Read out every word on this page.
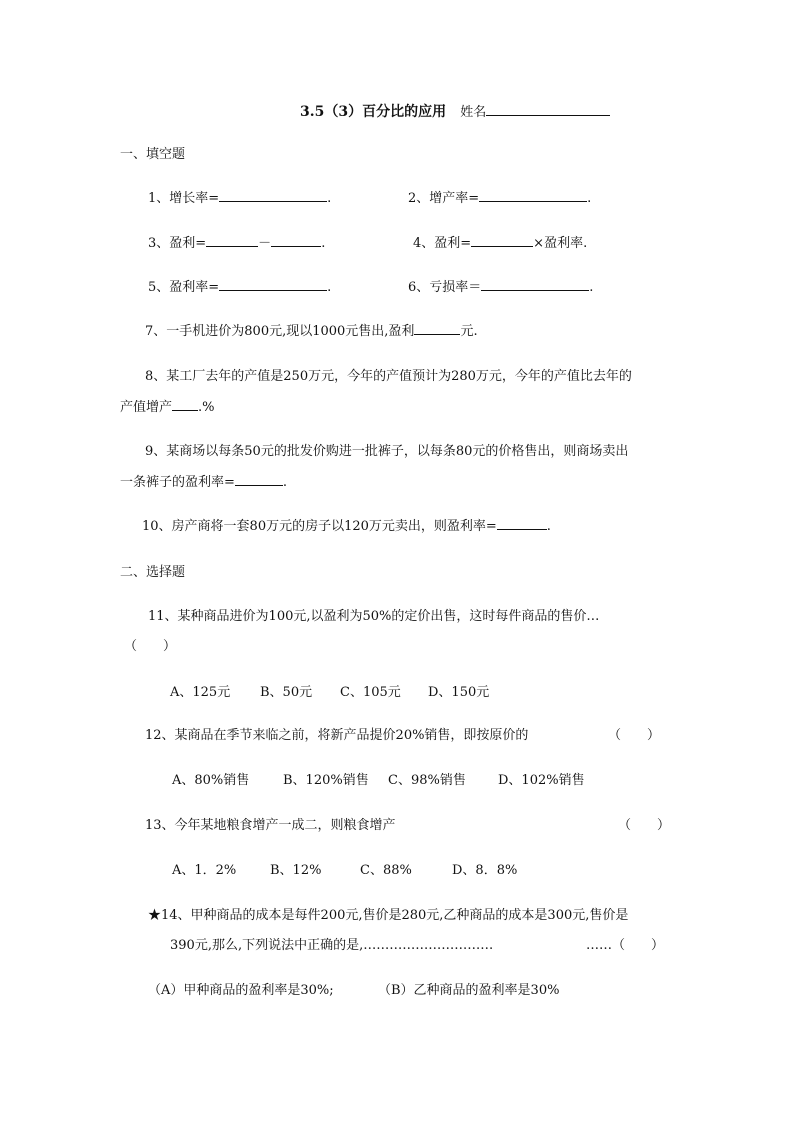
3.5（3）百分比的应用 姓名
一、填空题
1、增长率=	.	2、增产率=	.
3、盈利=	－	.	4、盈利=	×盈利率.
5、盈利率=	.	6、亏损率＝	.
7、一手机进价为800元,现以1000元售出,盈利	元.
8、某工厂去年的产值是250万元，今年的产值预计为280万元，今年的产值比去年的
产值增产 .%
9、某商场以每条50元的批发价购进一批裤子，以每条80元的价格售出，则商场卖出
一条裤子的盈利率=	.
10、房产商将一套80万元的房子以120万元卖出，则盈利率=	.
二、选择题
11、某种商品进价为100元,以盈利为50%的定价出售，这时每件商品的售价…
（　　）
A、125元 B、50元 C、105元 D、150元
12、某商品在季节来临之前，将新产品提价20%销售，即按原价的	（　　）
A、80%销售	B、120%销售 C、98%销售 D、102%销售
13、今年某地粮食增产一成二，则粮食增产	（　　）
A、1．2%	B、12%	C、88%	D、8．8%
★14、甲种商品的成本是每件200元,售价是280元,乙种商品的成本是300元,售价是
390元,那么,下列说法中正确的是,…………………………	……（　　）
（A）甲种商品的盈利率是30%;	（B）乙种商品的盈利率是30%
